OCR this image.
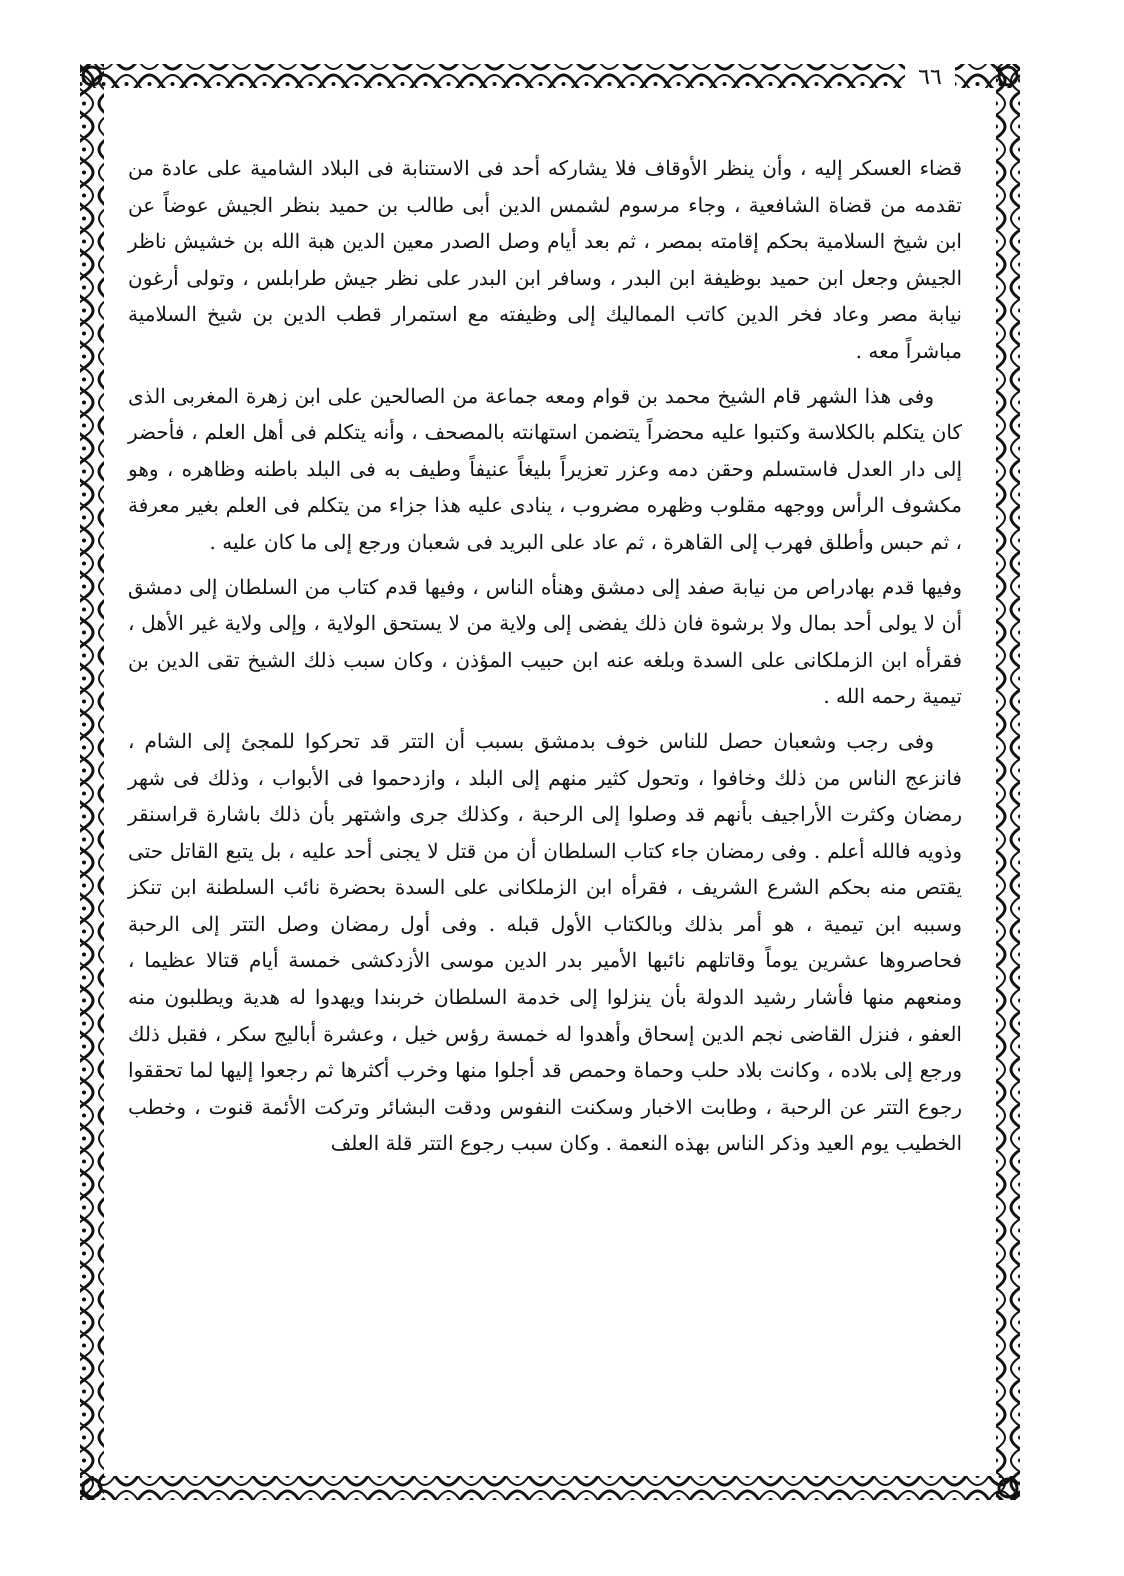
٦٦

قضاء العسكر إليه ، وأن ينظر الأوقاف فلا يشاركه أحد فى الاستنابة فى البلاد الشامية على عادة من تقدمه من قضاة الشافعية ، وجاء مرسوم لشمس الدين أبى طالب بن حميد بنظر الجيش عوضاً عن ابن شيخ السلامية بحكم إقامته بمصر ، ثم بعد أيام وصل الصدر معين الدين هبة الله بن خشيش ناظر الجيش وجعل ابن حميد بوظيفة ابن البدر ، وسافر ابن البدر على نظر جيش طرابلس ، وتولى أرغون نيابة مصر وعاد فخر الدين كاتب المماليك إلى وظيفته مع استمرار قطب الدين بن شيخ السلامية مباشراً معه .

وفى هذا الشهر قام الشيخ محمد بن قوام ومعه جماعة من الصالحين على ابن زهرة المغربى الذى كان يتكلم بالكلاسة وكتبوا عليه محضراً يتضمن استهانته بالمصحف ، وأنه يتكلم فى أهل العلم ، فأحضر إلى دار العدل فاستسلم وحقن دمه وعزر تعزيراً بليغاً عنيفاً وطيف به فى البلد باطنه وظاهره ، وهو مكشوف الرأس ووجهه مقلوب وظهره مضروب ، ينادى عليه هذا جزاء من يتكلم فى العلم بغير معرفة ، ثم حبس وأطلق فهرب إلى القاهرة ، ثم عاد على البريد فى شعبان ورجع إلى ما كان عليه .

وفيها قدم بهادراص من نيابة صفد إلى دمشق وهنأه الناس ، وفيها قدم كتاب من السلطان إلى دمشق أن لا يولى أحد بمال ولا برشوة فان ذلك يفضى إلى ولاية من لا يستحق الولاية ، وإلى ولاية غير الأهل ، فقرأه ابن الزملكانى على السدة وبلغه عنه ابن حبيب المؤذن ، وكان سبب ذلك الشيخ تقى الدين بن تيمية رحمه الله .

وفى رجب وشعبان حصل للناس خوف بدمشق بسبب أن التتر قد تحركوا للمجئ إلى الشام ، فانزعج الناس من ذلك وخافوا ، وتحول كثير منهم إلى البلد ، وازدحموا فى الأبواب ، وذلك فى شهر رمضان وكثرت الأراجيف بأنهم قد وصلوا إلى الرحبة ، وكذلك جرى واشتهر بأن ذلك باشارة قراسنقر وذويه فالله أعلم . وفى رمضان جاء كتاب السلطان أن من قتل لا يجنى أحد عليه ، بل يتبع القاتل حتى يقتص منه بحكم الشرع الشريف ، فقرأه ابن الزملكانى على السدة بحضرة نائب السلطنة ابن تنكز وسببه ابن تيمية ، هو أمر بذلك وبالكتاب الأول قبله . وفى أول رمضان وصل التتر إلى الرحبة فحاصروها عشرين يوماً وقاتلهم نائبها الأمير بدر الدين موسى الأزدكشى خمسة أيام قتالا عظيما ، ومنعهم منها فأشار رشيد الدولة بأن ينزلوا إلى خدمة السلطان خربندا ويهدوا له هدية ويطلبون منه العفو ، فنزل القاضى نجم الدين إسحاق وأهدوا له خمسة رؤس خيل ، وعشرة أباليج سكر ، فقبل ذلك ورجع إلى بلاده ، وكانت بلاد حلب وحماة وحمص قد أجلوا منها وخرب أكثرها ثم رجعوا إليها لما تحققوا رجوع التتر عن الرحبة ، وطابت الاخبار وسكنت النفوس ودقت البشائر وتركت الأئمة قنوت ، وخطب الخطيب يوم العيد وذكر الناس بهذه النعمة . وكان سبب رجوع التتر قلة العلف
